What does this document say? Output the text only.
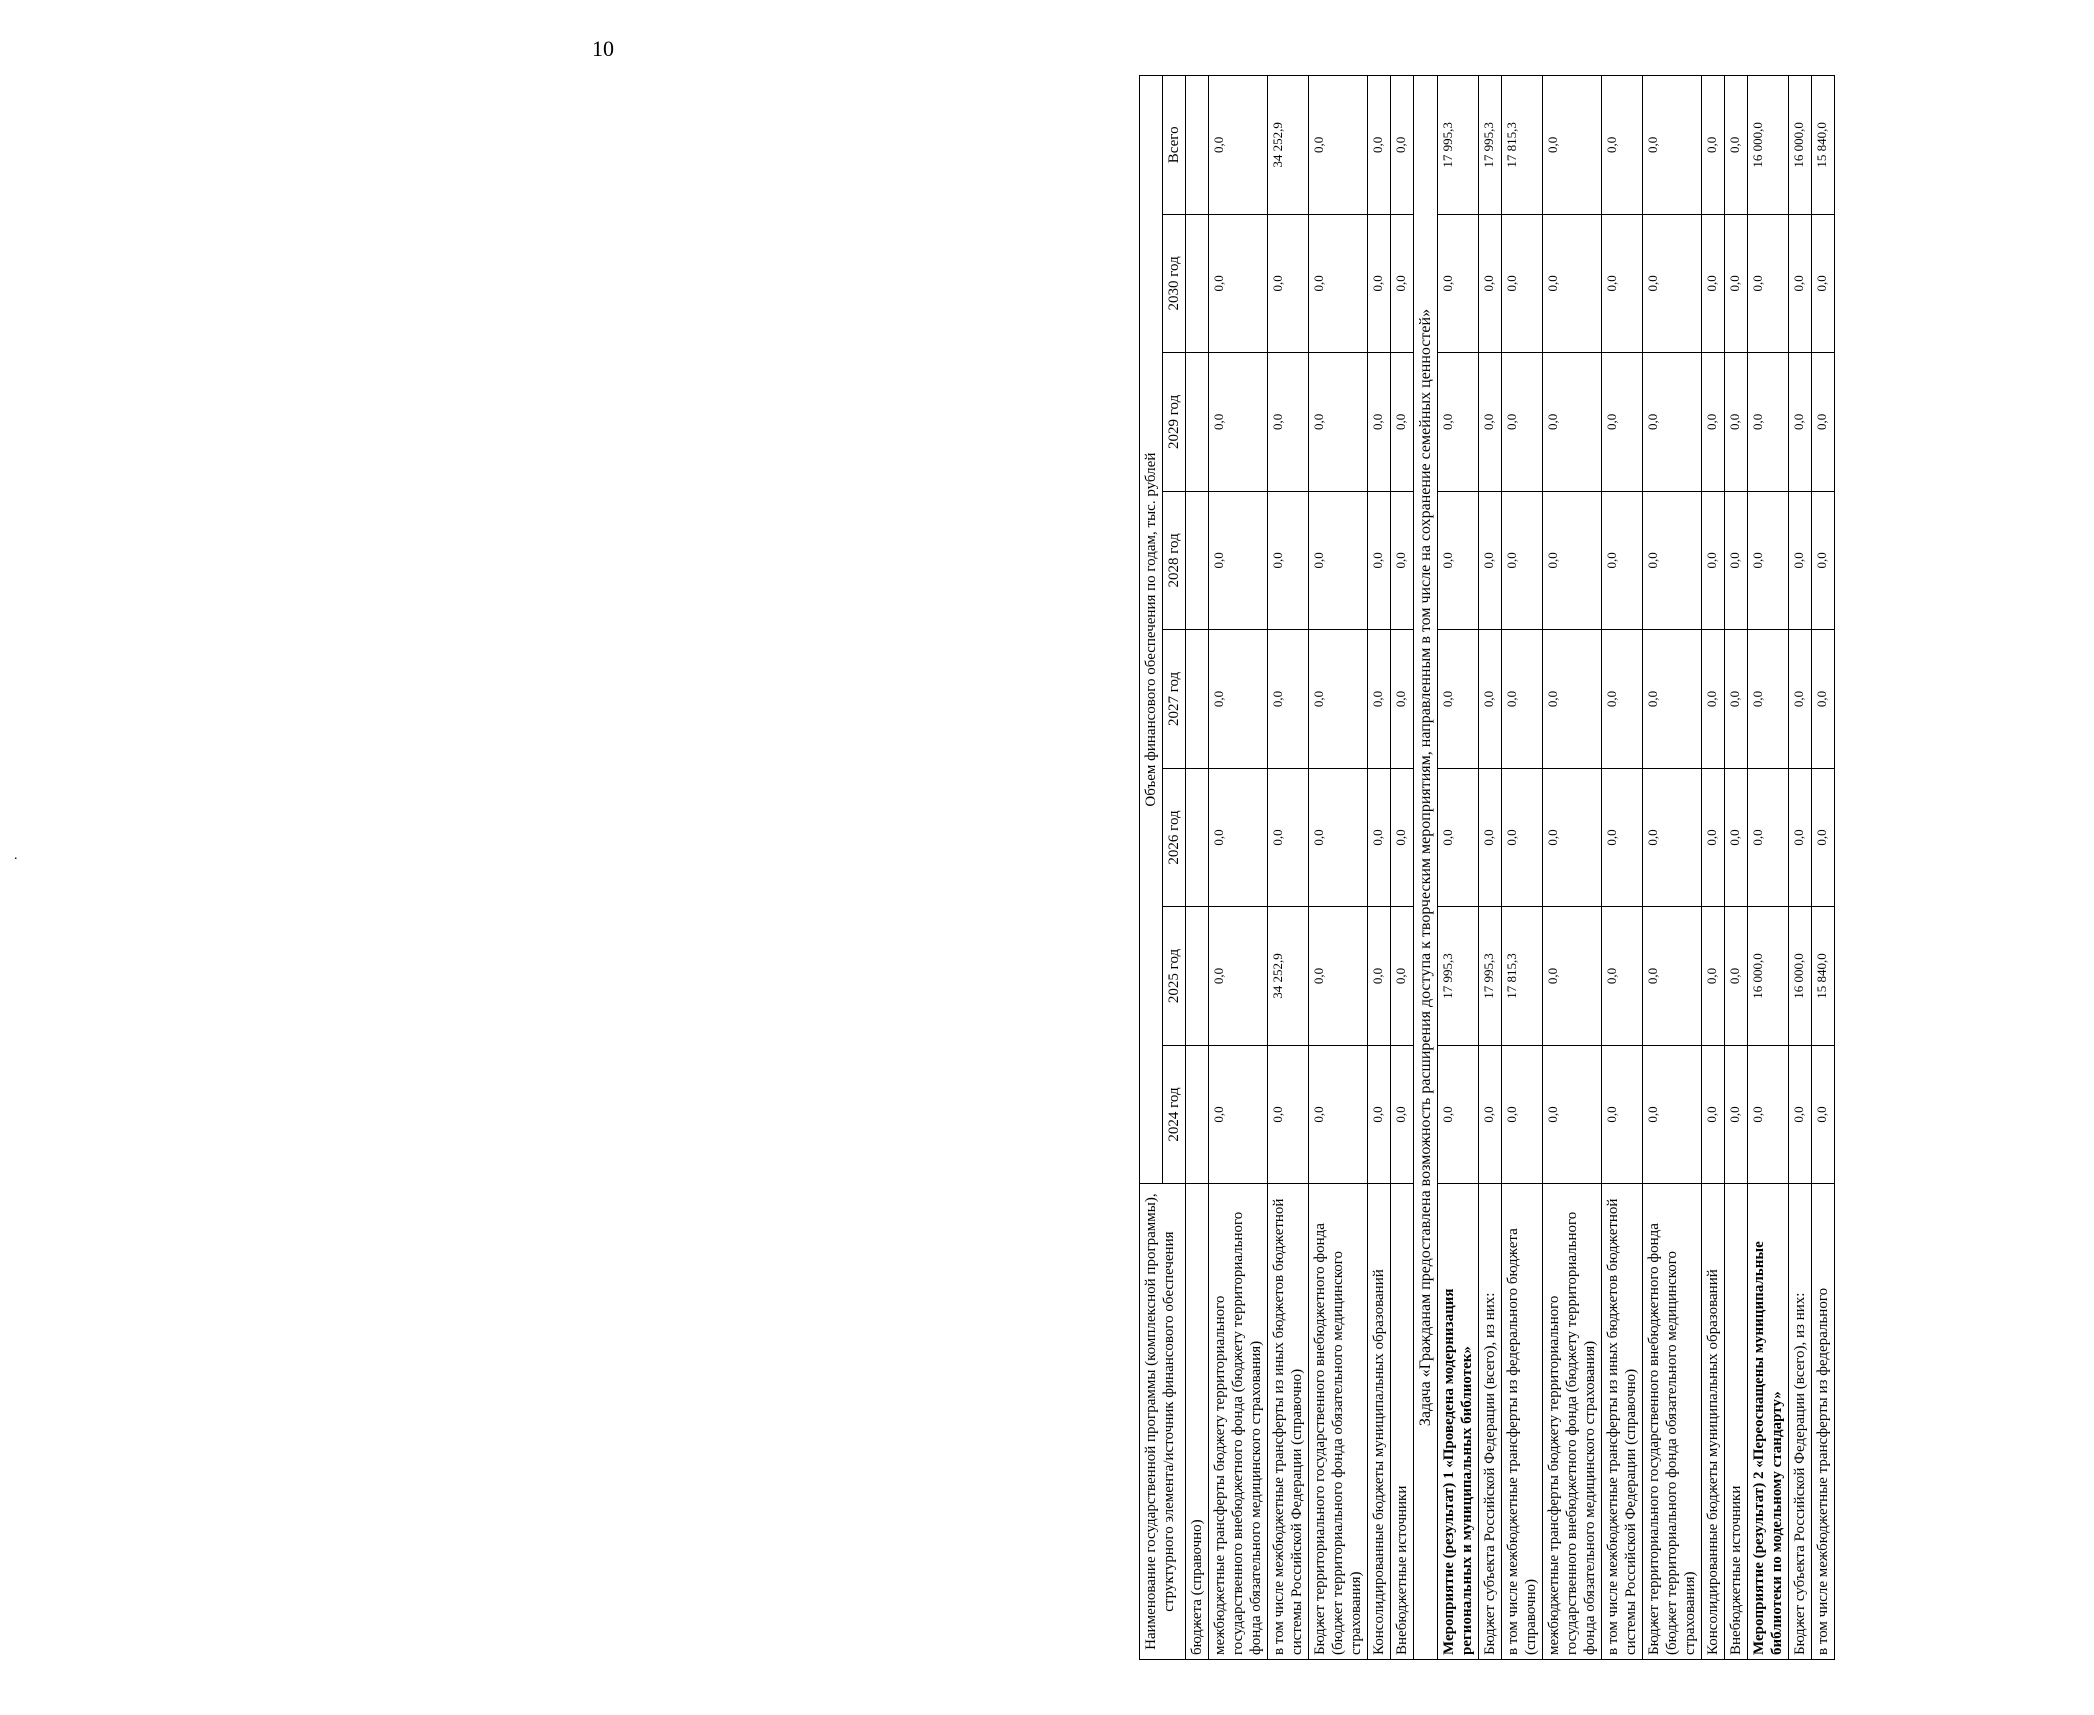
10
.
Наименование государственной программы (комплексной программы), структурного элемента/источник финансового обеспечения	Объем финансового обеспечения по годам, тыс. рублей							
	2024 год	2025 год	2026 год	2027 год	2028 год	2029 год	2030 год	Всего
бюджета (справочно)								
межбюджетные трансферты бюджету территориального государственного внебюджетного фонда (бюджету территориального фонда обязательного медицинского страхования)	0,0	0,0	0,0	0,0	0,0	0,0	0,0	0,0
в том числе межбюджетные трансферты из иных бюджетов бюджетной системы Российской Федерации (справочно)	0,0	34 252,9	0,0	0,0	0,0	0,0	0,0	34 252,9
Бюджет территориального государственного внебюджетного фонда (бюджет территориального фонда обязательного медицинского страхования)	0,0	0,0	0,0	0,0	0,0	0,0	0,0	0,0
Консолидированные бюджеты муниципальных образований	0,0	0,0	0,0	0,0	0,0	0,0	0,0	0,0
Внебюджетные источники	0,0	0,0	0,0	0,0	0,0	0,0	0,0	0,0
Задача «Гражданам предоставлена возможность расширения доступа к творческим мероприятиям, направленным в том числе на сохранение семейных ценностей»								
Мероприятие (результат) 1 «Проведена модернизация региональных и муниципальных библиотек»	0,0	17 995,3	0,0	0,0	0,0	0,0	0,0	17 995,3
Бюджет субъекта Российской Федерации (всего), из них:	0,0	17 995,3	0,0	0,0	0,0	0,0	0,0	17 995,3
в том числе межбюджетные трансферты из федерального бюджета (справочно)	0,0	17 815,3	0,0	0,0	0,0	0,0	0,0	17 815,3
межбюджетные трансферты бюджету территориального государственного внебюджетного фонда (бюджету территориального фонда обязательного медицинского страхования)	0,0	0,0	0,0	0,0	0,0	0,0	0,0	0,0
в том числе межбюджетные трансферты из иных бюджетов бюджетной системы Российской Федерации (справочно)	0,0	0,0	0,0	0,0	0,0	0,0	0,0	0,0
Бюджет территориального государственного внебюджетного фонда (бюджет территориального фонда обязательного медицинского страхования)	0,0	0,0	0,0	0,0	0,0	0,0	0,0	0,0
Консолидированные бюджеты муниципальных образований	0,0	0,0	0,0	0,0	0,0	0,0	0,0	0,0
Внебюджетные источники	0,0	0,0	0,0	0,0	0,0	0,0	0,0	0,0
Мероприятие (результат) 2 «Переоснащены муниципальные библиотеки по модельному стандарту»	0,0	16 000,0	0,0	0,0	0,0	0,0	0,0	16 000,0
Бюджет субъекта Российской Федерации (всего), из них:	0,0	16 000,0	0,0	0,0	0,0	0,0	0,0	16 000,0
в том числе межбюджетные трансферты из федерального	0,0	15 840,0	0,0	0,0	0,0	0,0	0,0	15 840,0
